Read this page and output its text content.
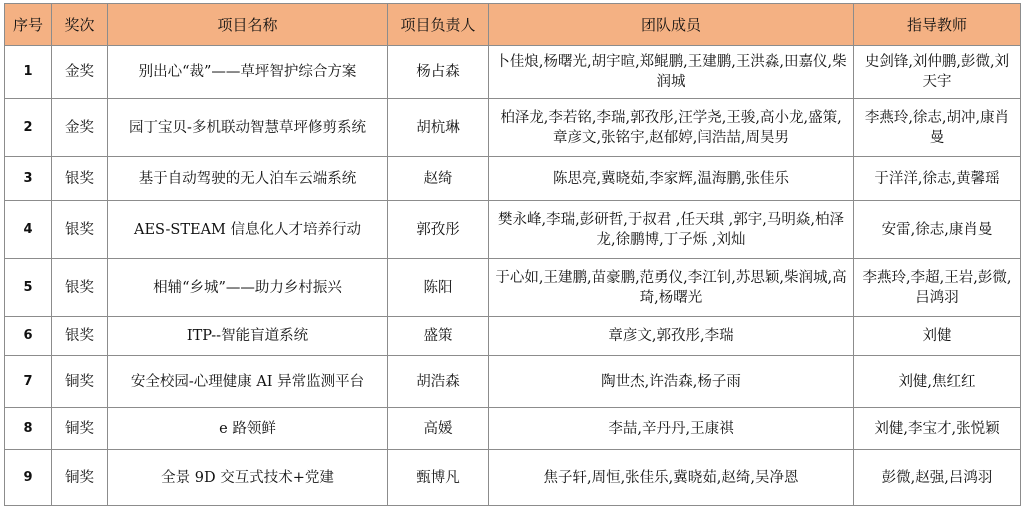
序号	奖次	项目名称	项目负责人	团队成员	指导教师
1	金奖	别出心“裁”——草坪智护综合方案	杨占森	卜佳烺,杨曙光,胡宇暄,郑鲲鹏,王建鹏,王洪淼,田嘉仪,柴润城	史剑锋,刘仲鹏,彭微,刘天宇
2	金奖	园丁宝贝-多机联动智慧草坪修剪系统	胡杭琳	柏泽龙,李若铭,李瑞,郭孜彤,汪学尧,王骏,高小龙,盛策,章彦文,张铭宇,赵郁婷,闫浩喆,周昊男	李燕玲,徐志,胡冲,康肖曼
3	银奖	基于自动驾驶的无人泊车云端系统	赵绮	陈思亮,冀晓茹,李家辉,温海鹏,张佳乐	于洋洋,徐志,黄馨瑶
4	银奖	AES-STEAM 信息化人才培养行动	郭孜彤	樊永峰,李瑞,彭研哲,于叔君 ,任天琪 ,郭宇,马明焱,柏泽龙,徐鹏博,丁子烁 ,刘灿	安雷,徐志,康肖曼
5	银奖	相辅“乡城”——助力乡村振兴	陈阳	于心如,王建鹏,苗豪鹏,范勇仪,李江钊,苏思颖,柴润城,高琦,杨曙光	李燕玲,李超,王岩,彭微,吕鸿羽
6	银奖	ITP--智能盲道系统	盛策	章彦文,郭孜彤,李瑞	刘健
7	铜奖	安全校园-心理健康 AI 异常监测平台	胡浩森	陶世杰,许浩森,杨子雨	刘健,焦红红
8	铜奖	e 路领鲜	高媛	李喆,辛丹丹,王康祺	刘健,李宝才,张悦颖
9	铜奖	全景 9D 交互式技术+党建	甄博凡	焦子轩,周恒,张佳乐,冀晓茹,赵绮,吴净恩	彭微,赵强,吕鸿羽
